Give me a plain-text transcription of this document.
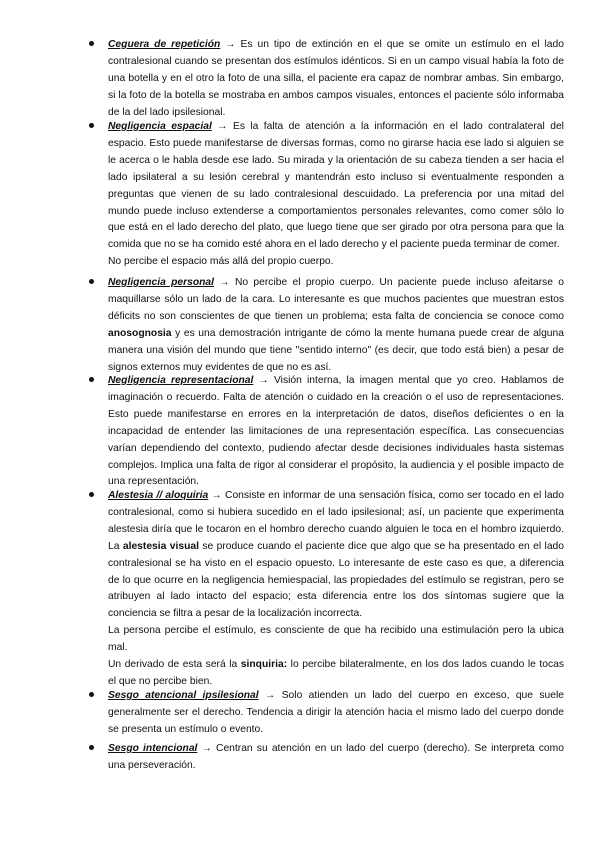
Ceguera de repetición → Es un tipo de extinción en el que se omite un estímulo en el lado contralesional cuando se presentan dos estímulos idénticos. Si en un campo visual había la foto de una botella y en el otro la foto de una silla, el paciente era capaz de nombrar ambas. Sin embargo, si la foto de la botella se mostraba en ambos campos visuales, entonces el paciente sólo informaba de la del lado ipsilesional.

Negligencia espacial → Es la falta de atención a la información en el lado contralateral del espacio. Esto puede manifestarse de diversas formas, como no girarse hacia ese lado si alguien se le acerca o le habla desde ese lado. Su mirada y la orientación de su cabeza tienden a ser hacia el lado ipsilateral a su lesión cerebral y mantendrán esto incluso si eventualmente responden a preguntas que vienen de su lado contralesional descuidado. La preferencia por una mitad del mundo puede incluso extenderse a comportamientos personales relevantes, como comer sólo lo que está en el lado derecho del plato, que luego tiene que ser girado por otra persona para que la comida que no se ha comido esté ahora en el lado derecho y el paciente pueda terminar de comer.
No percibe el espacio más allá del propio cuerpo.

Negligencia personal → No percibe el propio cuerpo. Un paciente puede incluso afeitarse o maquillarse sólo un lado de la cara. Lo interesante es que muchos pacientes que muestran estos déficits no son conscientes de que tienen un problema; esta falta de conciencia se conoce como anosognosia y es una demostración intrigante de cómo la mente humana puede crear de alguna manera una visión del mundo que tiene "sentido interno" (es decir, que todo está bien) a pesar de signos externos muy evidentes de que no es así.

Negligencia representacional → Visión interna, la imagen mental que yo creo. Hablamos de imaginación o recuerdo. Falta de atención o cuidado en la creación o el uso de representaciones. Esto puede manifestarse en errores en la interpretación de datos, diseños deficientes o en la incapacidad de entender las limitaciones de una representación específica. Las consecuencias varían dependiendo del contexto, pudiendo afectar desde decisiones individuales hasta sistemas complejos. Implica una falta de rigor al considerar el propósito, la audiencia y el posible impacto de una representación.

Alestesia // aloquiria → Consiste en informar de una sensación física, como ser tocado en el lado contralesional, como si hubiera sucedido en el lado ipsilesional; así, un paciente que experimenta alestesia diría que le tocaron en el hombro derecho cuando alguien le toca en el hombro izquierdo. La alestesia visual se produce cuando el paciente dice que algo que se ha presentado en el lado contralesional se ha visto en el espacio opuesto. Lo interesante de este caso es que, a diferencia de lo que ocurre en la negligencia hemiespacial, las propiedades del estímulo se registran, pero se atribuyen al lado intacto del espacio; esta diferencia entre los dos síntomas sugiere que la conciencia se filtra a pesar de la localización incorrecta.
La persona percibe el estímulo, es consciente de que ha recibido una estimulación pero la ubica mal.
Un derivado de esta será la sinquiria: lo percibe bilateralmente, en los dos lados cuando le tocas el que no percibe bien.

Sesgo atencional ipsilesional → Solo atienden un lado del cuerpo en exceso, que suele generalmente ser el derecho. Tendencia a dirigir la atención hacia el mismo lado del cuerpo donde se presenta un estímulo o evento.

Sesgo intencional → Centran su atención en un lado del cuerpo (derecho). Se interpreta como una perseveración.
